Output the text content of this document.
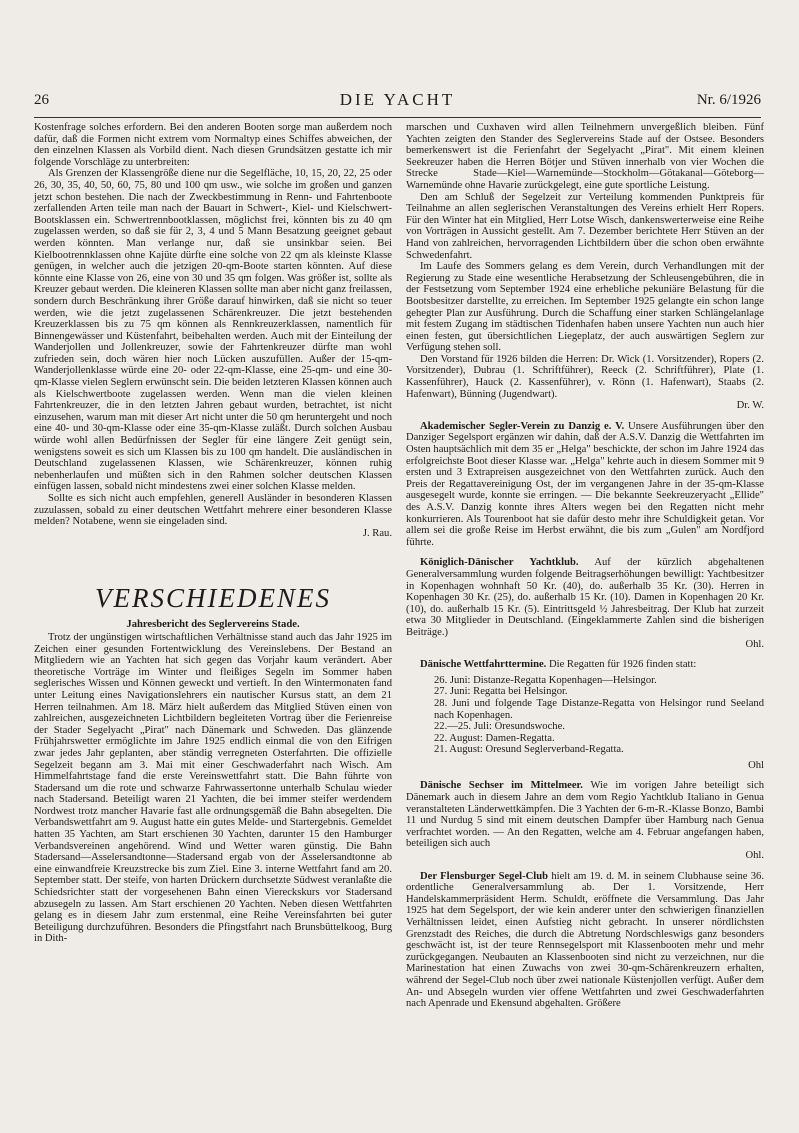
26	DIE YACHT	Nr. 6/1926

Kostenfrage solches erfordern. Bei den anderen Booten sorge man außerdem noch dafür, daß die Formen nicht extrem vom Normaltyp eines Schiffes abweichen, der den einzelnen Klassen als Vorbild dient. Nach diesen Grundsätzen gestatte ich mir folgende Vorschläge zu unterbreiten:

Als Grenzen der Klassengröße diene nur die Segelfläche, 10, 15, 20, 22, 25 oder 26, 30, 35, 40, 50, 60, 75, 80 und 100 qm usw., wie solche im großen und ganzen jetzt schon bestehen. Die nach der Zweckbestimmung in Renn- und Fahrtenboote zerfallenden Arten teile man nach der Bauart in Schwert-, Kiel- und Kielschwert-Bootsklassen ein. Schwertrennbootklassen, möglichst frei, könnten bis zu 40 qm zugelassen werden, so daß sie für 2, 3, 4 und 5 Mann Besatzung geeignet gebaut werden könnten. Man verlange nur, daß sie unsinkbar seien. Bei Kielbootrennklassen ohne Kajüte dürfte eine solche von 22 qm als kleinste Klasse genügen, in welcher auch die jetzigen 20-qm-Boote starten könnten. Auf diese könnte eine Klasse von 26, eine von 30 und 35 qm folgen. Was größer ist, sollte als Kreuzer gebaut werden. Die kleineren Klassen sollte man aber nicht ganz freilassen, sondern durch Beschränkung ihrer Größe darauf hinwirken, daß sie nicht so teuer werden, wie die jetzt zugelassenen Schärenkreuzer. Die jetzt bestehenden Kreuzerklassen bis zu 75 qm können als Rennkreuzerklassen, namentlich für Binnengewässer und Küstenfahrt, beibehalten werden. Auch mit der Einteilung der Wanderjollen und Jollenkreuzer, sowie der Fahrtenkreuzer dürfte man wohl zufrieden sein, doch wären hier noch Lücken auszufüllen. Außer der 15-qm-Wanderjollenklasse würde eine 20- oder 22-qm-Klasse, eine 25-qm- und eine 30-qm-Klasse vielen Seglern erwünscht sein. Die beiden letzteren Klassen können auch als Kielschwertboote zugelassen werden. Wenn man die vielen kleinen Fahrtenkreuzer, die in den letzten Jahren gebaut wurden, betrachtet, ist nicht einzusehen, warum man mit dieser Art nicht unter die 50 qm heruntergeht und noch eine 40- und 30-qm-Klasse oder eine 35-qm-Klasse zuläßt. Durch solchen Ausbau würde wohl allen Bedürfnissen der Segler für eine längere Zeit genügt sein, wenigstens soweit es sich um Klassen bis zu 100 qm handelt. Die ausländischen in Deutschland zugelassenen Klassen, wie Schärenkreuzer, können ruhig nebenherlaufen und müßten sich in den Rahmen solcher deutschen Klassen einfügen lassen, sobald nicht mindestens zwei einer solchen Klasse melden.

Sollte es sich nicht auch empfehlen, generell Ausländer in besonderen Klassen zuzulassen, sobald zu einer deutschen Wettfahrt mehrere einer besonderen Klasse melden? Notabene, wenn sie eingeladen sind.
J. Rau.

VERSCHIEDENES
Jahresbericht des Seglervereins Stade.

Trotz der ungünstigen wirtschaftlichen Verhältnisse stand auch das Jahr 1925 im Zeichen einer gesunden Fortentwicklung des Vereinslebens. Der Bestand an Mitgliedern wie an Yachten hat sich gegen das Vorjahr kaum verändert. Aber theoretische Vorträge im Winter und fleißiges Segeln im Sommer haben seglerisches Wissen und Können geweckt und vertieft. In den Wintermonaten fand unter Leitung eines Navigationslehrers ein nautischer Kursus statt, an dem 21 Herren teilnahmen. Am 18. März hielt außerdem das Mitglied Stüven einen von zahlreichen, ausgezeichneten Lichtbildern begleiteten Vortrag über die Ferienreise der Stader Segelyacht „Pirat" nach Dänemark und Schweden. Das glänzende Frühjahrswetter ermöglichte im Jahre 1925 endlich einmal die von den Eifrigen zwar jedes Jahr geplanten, aber ständig verregneten Osterfahrten. Die offizielle Segelzeit begann am 3. Mai mit einer Geschwaderfahrt nach Wisch. Am Himmelfahrtstage fand die erste Vereinswettfahrt statt. Die Bahn führte von Stadersand um die rote und schwarze Fahrwassertonne unterhalb Schulau wieder nach Stadersand. Beteiligt waren 21 Yachten, die bei immer steifer werdendem Nordwest trotz mancher Havarie fast alle ordnungsgemäß die Bahn absegelten. Die Verbandswettfahrt am 9. August hatte ein gutes Melde- und Startergebnis. Gemeldet hatten 35 Yachten, am Start erschienen 30 Yachten, darunter 15 den Hamburger Verbandsvereinen angehörend. Wind und Wetter waren günstig. Die Bahn Stadersand—Asselersandtonne—Stadersand ergab von der Asselersandtonne ab eine einwandfreie Kreuzstrecke bis zum Ziel. Eine 3. interne Wettfahrt fand am 20. September statt. Der steife, von harten Drückern durchsetzte Südwest veranlaßte die Schiedsrichter statt der vorgesehenen Bahn einen Viereckskurs vor Stadersand abzusegeln zu lassen. Am Start erschienen 20 Yachten. Neben diesen Wettfahrten gelang es in diesem Jahr zum erstenmal, eine Reihe Vereinsfahrten bei guter Beteiligung durchzuführen. Besonders die Pfingstfahrt nach Brunsbüttelkoog, Burg in Dith-

marschen und Cuxhaven wird allen Teilnehmern unvergeßlich bleiben. Fünf Yachten zeigten den Stander des Seglervereins Stade auf der Ostsee. Besonders bemerkenswert ist die Ferienfahrt der Segelyacht „Pirat". Mit einem kleinen Seekreuzer haben die Herren Bötjer und Stüven innerhalb von vier Wochen die Strecke Stade—Kiel—Warnemünde—Stockholm—Götakanal—Göteborg—Warnemünde ohne Havarie zurückgelegt, eine gute sportliche Leistung.

Den am Schluß der Segelzeit zur Verteilung kommenden Punktpreis für Teilnahme an allen seglerischen Veranstaltungen des Vereins erhielt Herr Ropers. Für den Winter hat ein Mitglied, Herr Lotse Wisch, dankenswerterweise eine Reihe von Vorträgen in Aussicht gestellt. Am 7. Dezember berichtete Herr Stüven an der Hand von zahlreichen, hervorragenden Lichtbildern über die schon oben erwähnte Schwedenfahrt.

Im Laufe des Sommers gelang es dem Verein, durch Verhandlungen mit der Regierung zu Stade eine wesentliche Herabsetzung der Schleusengebühren, die in der Festsetzung vom September 1924 eine erhebliche pekuniäre Belastung für die Bootsbesitzer darstellte, zu erreichen. Im September 1925 gelangte ein schon lange gehegter Plan zur Ausführung. Durch die Schaffung einer starken Schlängelanlage mit festem Zugang im städtischen Tidenhafen haben unsere Yachten nun auch hier einen festen, gut übersichtlichen Liegeplatz, der auch auswärtigen Seglern zur Verfügung stehen soll.

Den Vorstand für 1926 bilden die Herren: Dr. Wick (1. Vorsitzender), Ropers (2. Vorsitzender), Dubrau (1. Schriftführer), Reeck (2. Schriftführer), Plate (1. Kassenführer), Hauck (2. Kassenführer), v. Rönn (1. Hafenwart), Staabs (2. Hafenwart), Bünning (Jugendwart).
Dr. W.

Akademischer Segler-Verein zu Danzig e. V. Unsere Ausführungen über den Danziger Segelsport ergänzen wir dahin, daß der A.S.V. Danzig die Wettfahrten im Osten hauptsächlich mit dem 35 er „Helga" beschickte, der schon im Jahre 1924 das erfolgreichste Boot dieser Klasse war. „Helga" kehrte auch in diesem Sommer mit 9 ersten und 3 Extrapreisen ausgezeichnet von den Wettfahrten zurück. Auch den Preis der Regattavereinigung Ost, der im vergangenen Jahre in der 35-qm-Klasse ausgesegelt wurde, konnte sie erringen. — Die bekannte Seekreuzeryacht „Ellide" des A.S.V. Danzig konnte ihres Alters wegen bei den Regatten nicht mehr konkurrieren. Als Tourenboot hat sie dafür desto mehr ihre Schuldigkeit getan. Vor allem sei die große Reise im Herbst erwähnt, die bis zum „Gulen" am Nordfjord führte.

Königlich-Dänischer Yachtklub. Auf der kürzlich abgehaltenen Generalversammlung wurden folgende Beitragserhöhungen bewilligt: Yachtbesitzer in Kopenhagen wohnhaft 50 Kr. (40), do. außerhalb 35 Kr. (30). Herren in Kopenhagen 30 Kr. (25), do. außerhalb 15 Kr. (10). Damen in Kopenhagen 20 Kr. (10), do. außerhalb 15 Kr. (5). Eintrittsgeld ½ Jahresbeitrag. Der Klub hat zurzeit etwa 30 Mitglieder in Deutschland. (Eingeklammerte Zahlen sind die bisherigen Beiträge.)
Ohl.

Dänische Wettfahrttermine. Die Regatten für 1926 finden statt:

26. Juni: Distanze-Regatta Kopenhagen—Helsingor.
27. Juni: Regatta bei Helsingor.
28. Juni und folgende Tage Distanze-Regatta von Helsingor rund Seeland nach Kopenhagen.
22.—25. Juli: Oresundswoche.
22. August: Damen-Regatta.
21. August: Oresund Seglerverband-Regatta.
Ohl

Dänische Sechser im Mittelmeer. Wie im vorigen Jahre beteiligt sich Dänemark auch in diesem Jahre an dem vom Regio Yachtklub Italiano in Genua veranstalteten Länderwettkämpfen. Die 3 Yachten der 6-m-R.-Klasse Bonzo, Bambi 11 und Nurdug 5 sind mit einem deutschen Dampfer über Hamburg nach Genua verfrachtet worden. — An den Regatten, welche am 4. Februar angefangen haben, beteiligen sich auch
Ohl.

Der Flensburger Segel-Club hielt am 19. d. M. in seinem Clubhause seine 36. ordentliche Generalversammlung ab. Der 1. Vorsitzende, Herr Handelskammerpräsident Herm. Schuldt, eröffnete die Versammlung. Das Jahr 1925 hat dem Segelsport, der wie kein anderer unter den schwierigen finanziellen Verhältnissen leidet, einen Aufstieg nicht gebracht. In unserer nördlichsten Grenzstadt des Reiches, die durch die Abtretung Nordschleswigs ganz besonders geschwächt ist, ist der teure Rennsegelsport mit Klassenbooten mehr und mehr zurückgegangen. Neubauten an Klassenbooten sind nicht zu verzeichnen, nur die Marinestation hat einen Zuwachs von zwei 30-qm-Schärenkreuzern erhalten, während der Segel-Club noch über zwei nationale Küstenjollen verfügt. Außer dem An- und Absegeln wurden vier offene Wettfahrten und zwei Geschwaderfahrten nach Apenrade und Ekensund abgehalten. Größere
